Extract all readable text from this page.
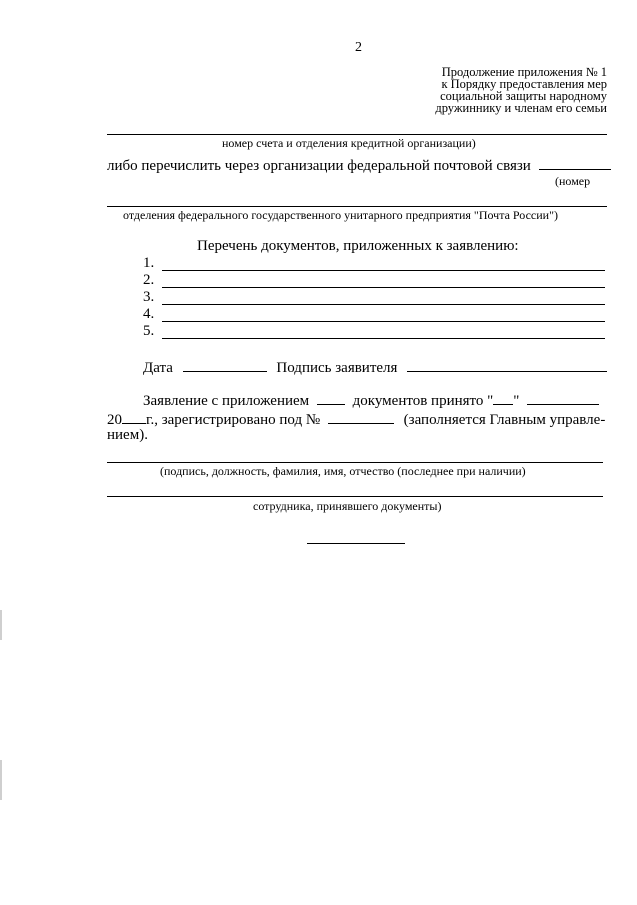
2
Продолжение приложения № 1
к Порядку предоставления мер
социальной защиты народному
дружиннику и членам его семьи
номер счета и отделения кредитной организации)
либо перечислить через организации федеральной почтовой связи
(номер
отделения федерального государственного унитарного предприятия "Почта России")
Перечень документов, приложенных к заявлению:
1.
2.
3.
4.
5.
Дата	Подпись заявителя
Заявление с приложением	документов принято " "
20 г., зарегистрировано под №	(заполняется Главным управле-
нием).
(подпись, должность, фамилия, имя, отчество (последнее при наличии)
сотрудника, принявшего документы)
